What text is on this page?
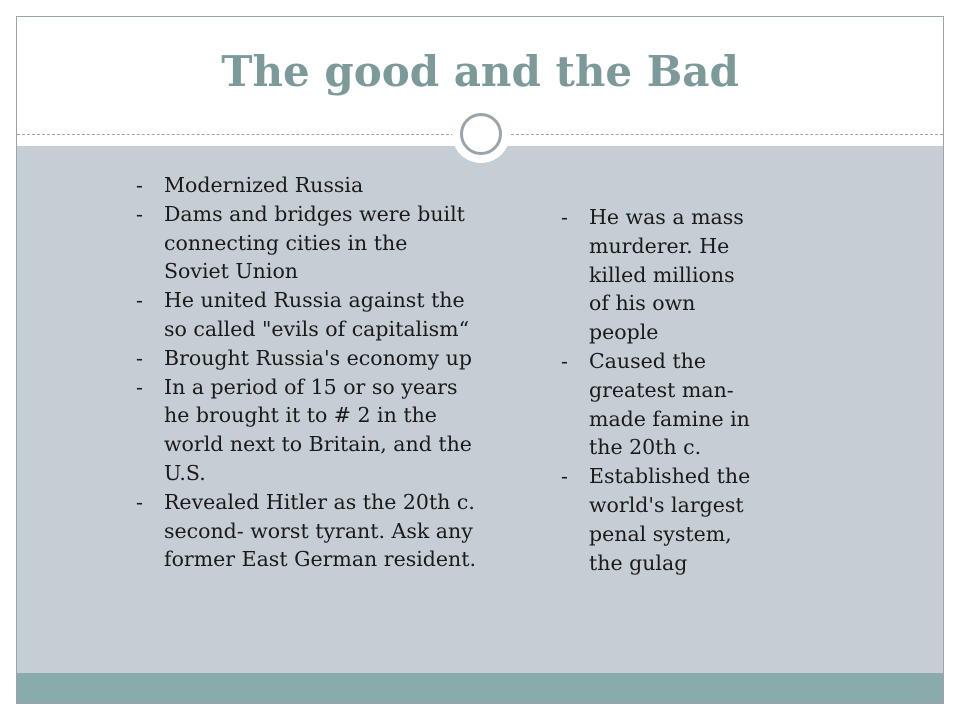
The good and the Bad
- Modernized Russia
- Dams and bridges were built connecting cities in the Soviet Union
- He united Russia against the so called "evils of capitalism“
- Brought Russia's economy up
- In a period of 15 or so years he brought it to # 2 in the world next to Britain, and the U.S.
- Revealed Hitler as the 20th c. second- worst tyrant. Ask any former East German resident.
- He was a mass murderer. He killed millions of his own people
- Caused the greatest man-made famine in the 20th c.
- Established the world's largest penal system, the gulag
